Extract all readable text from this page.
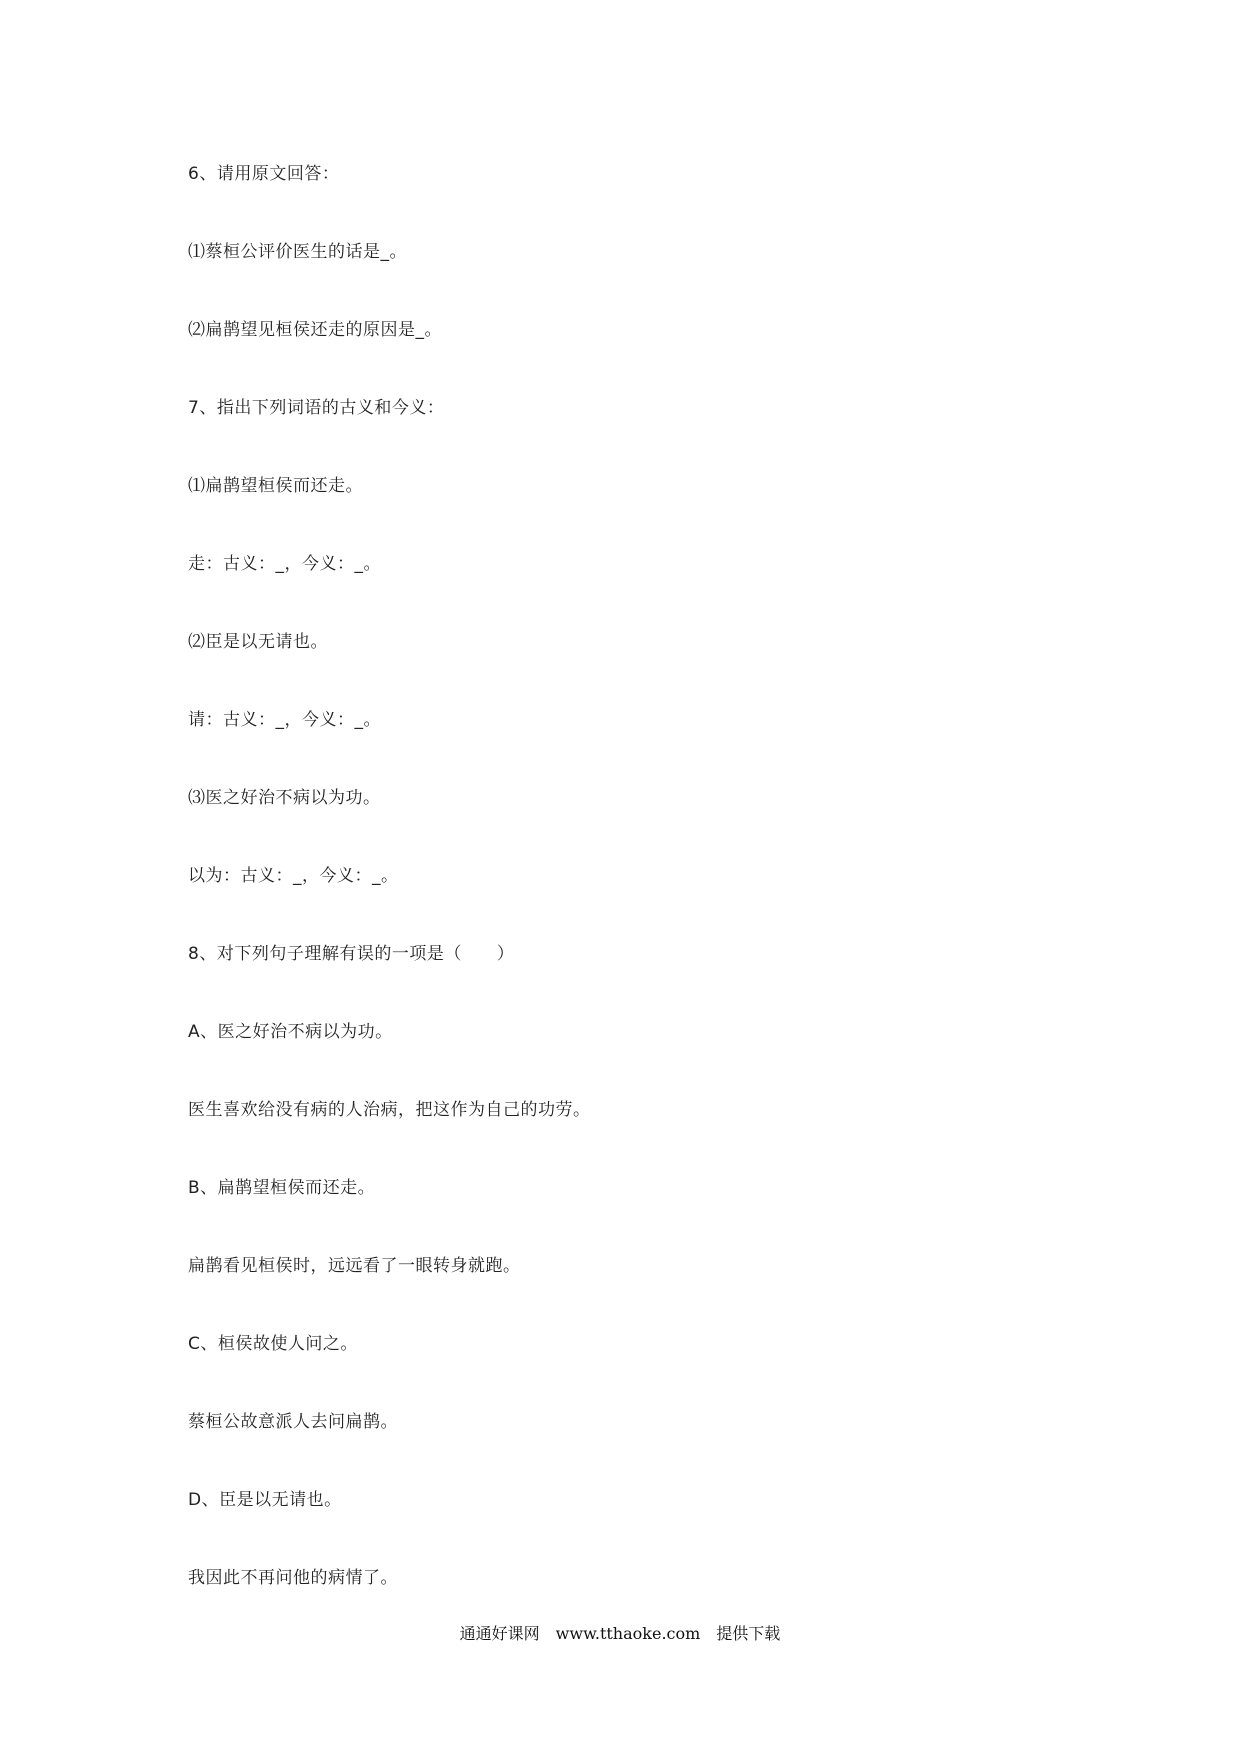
6、请用原文回答：
⑴蔡桓公评价医生的话是_。
⑵扁鹊望见桓侯还走的原因是_。
7、指出下列词语的古义和今义：
⑴扁鹊望桓侯而还走。
走：古义：_，今义：_。
⑵臣是以无请也。
请：古义：_，今义：_。
⑶医之好治不病以为功。
以为：古义：_，今义：_。
8、对下列句子理解有误的一项是（　　）
A、医之好治不病以为功。
医生喜欢给没有病的人治病，把这作为自己的功劳。
B、扁鹊望桓侯而还走。
扁鹊看见桓侯时，远远看了一眼转身就跑。
C、桓侯故使人问之。
蔡桓公故意派人去问扁鹊。
D、臣是以无请也。
我因此不再问他的病情了。
通通好课网　www.tthaoke.com　提供下载
